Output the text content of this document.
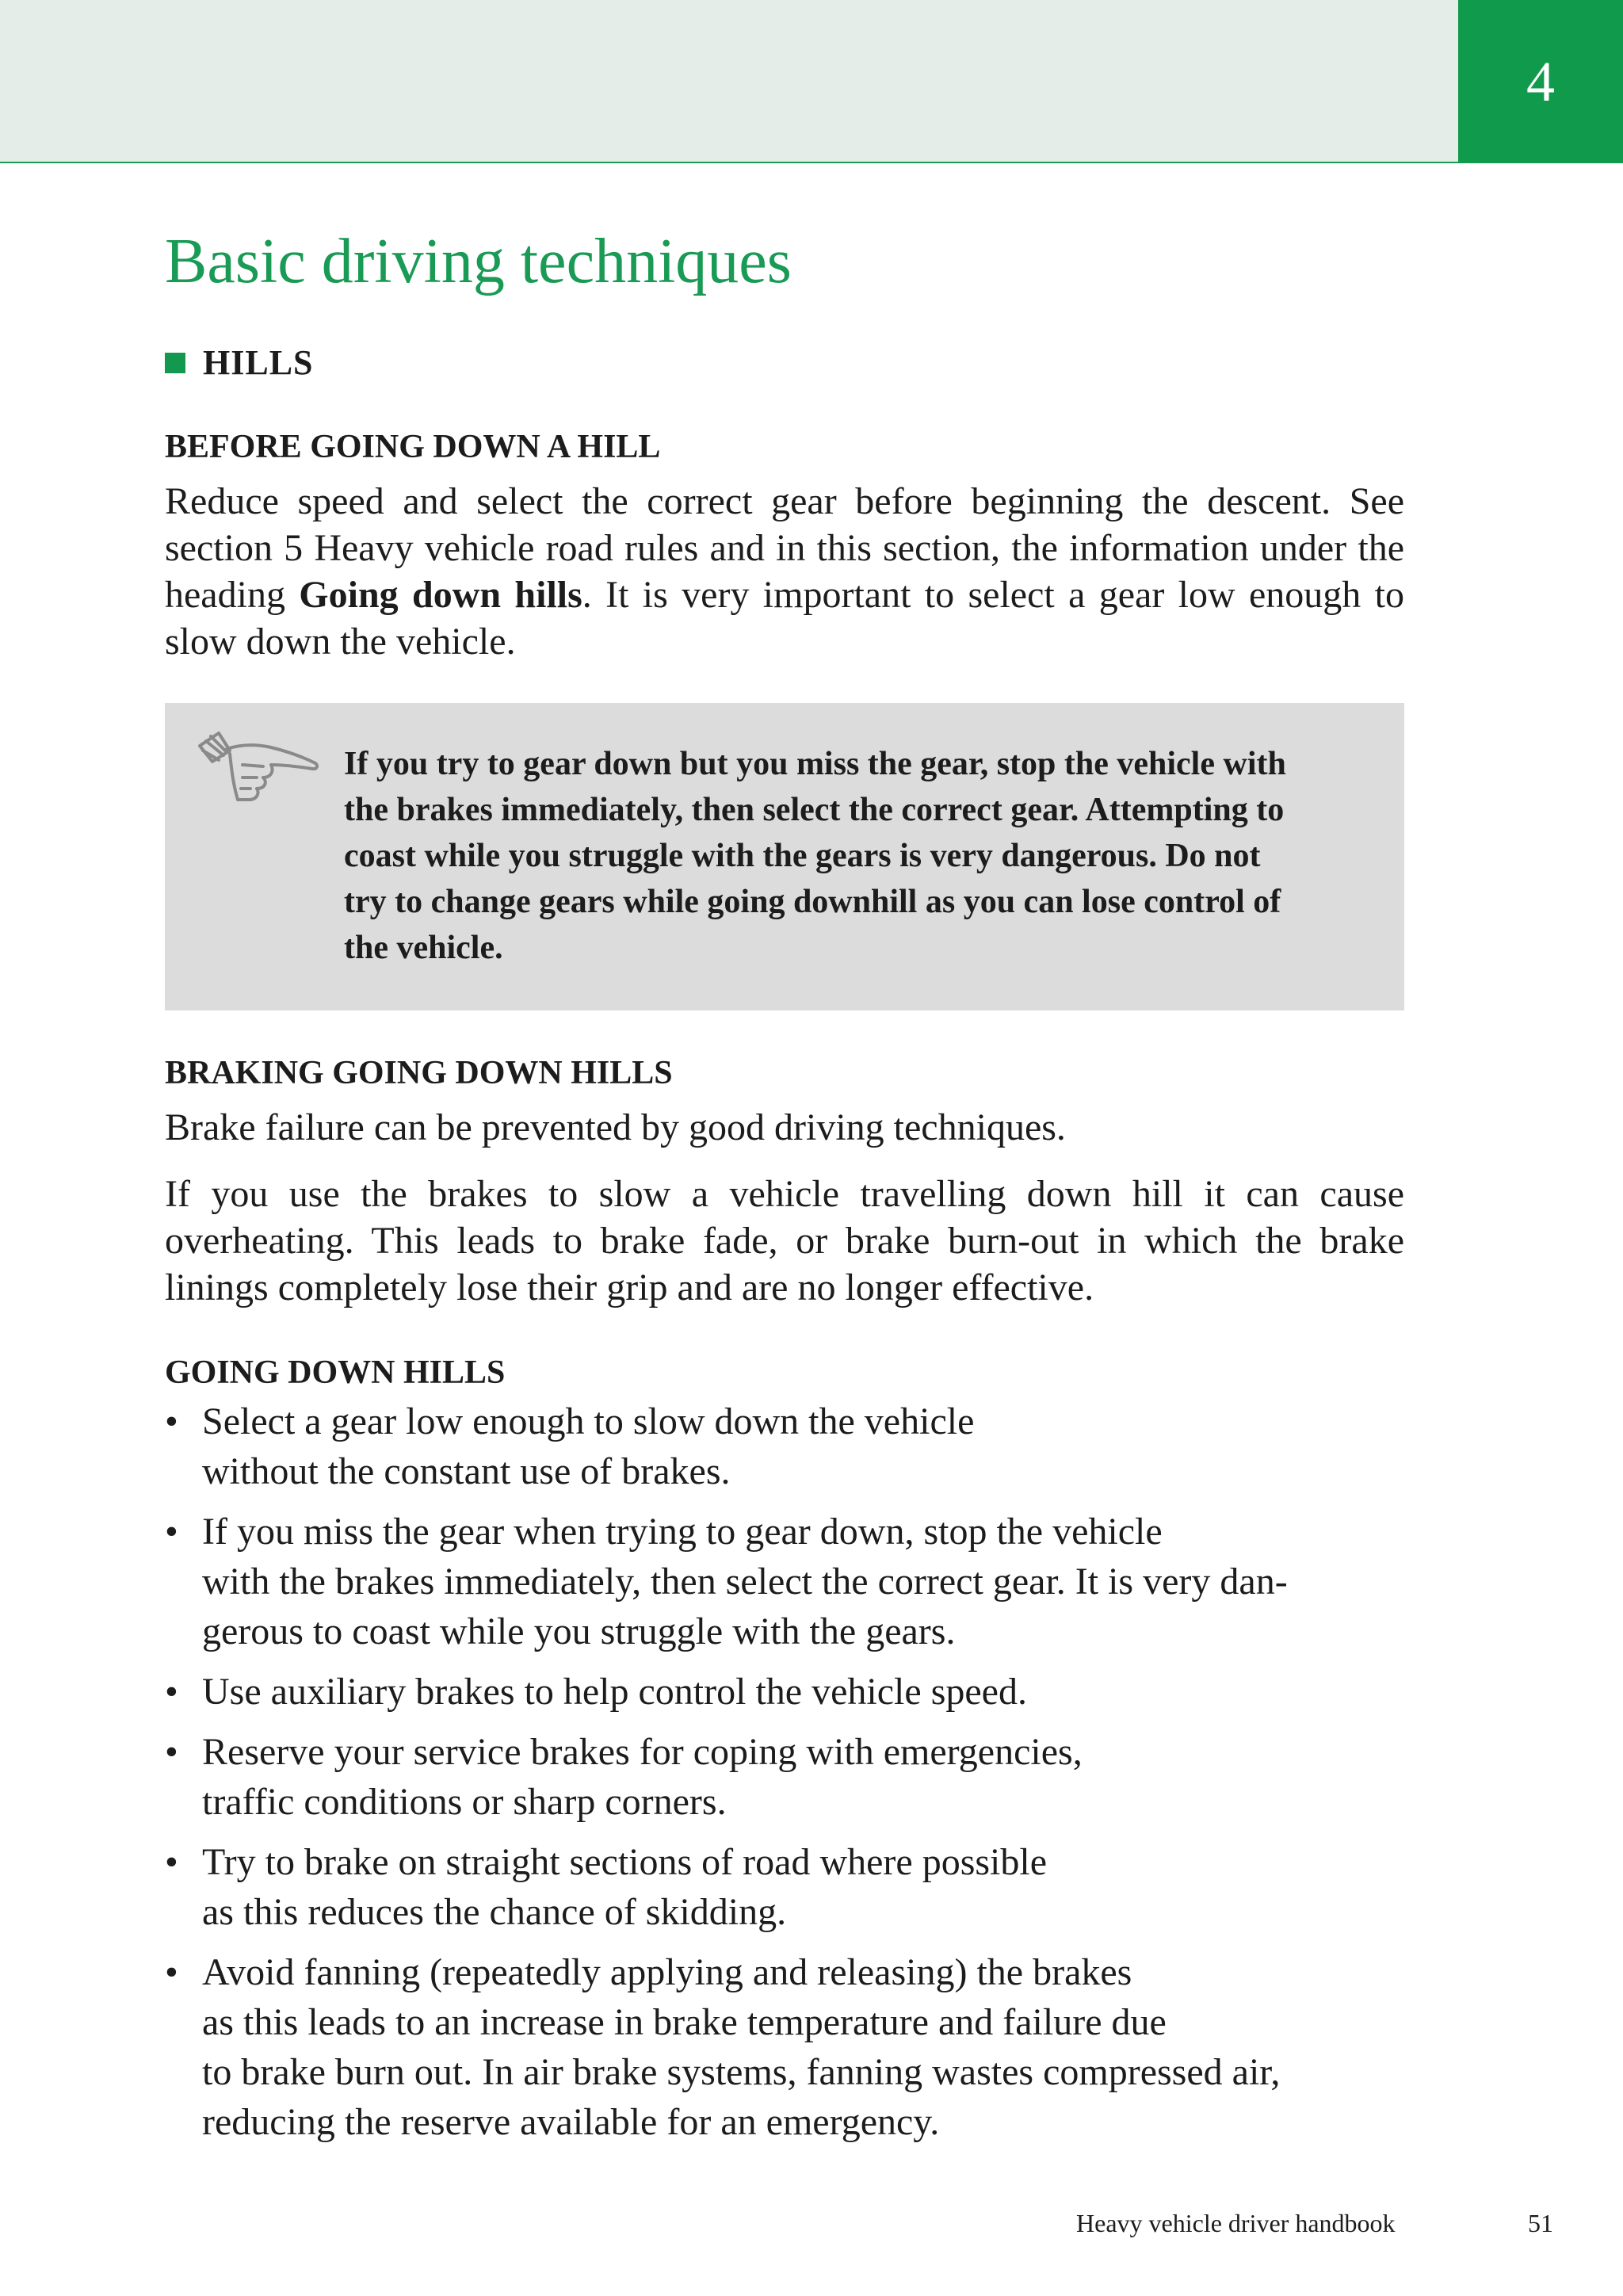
4
Basic driving techniques
HILLS
BEFORE GOING DOWN A HILL

Reduce speed and select the correct gear before beginning the descent. See section 5 Heavy vehicle road rules and in this section, the information under the heading Going down hills. It is very important to select a gear low enough to slow down the vehicle.

If you try to gear down but you miss the gear, stop the vehicle with the brakes immediately, then select the correct gear. Attempting to coast while you struggle with the gears is very dangerous. Do not try to change gears while going downhill as you can lose control of the vehicle.

BRAKING GOING DOWN HILLS

Brake failure can be prevented by good driving techniques.

If you use the brakes to slow a vehicle travelling down hill it can cause overheating. This leads to brake fade, or brake burn-out in which the brake linings completely lose their grip and are no longer effective.

GOING DOWN HILLS
• Select a gear low enough to slow down the vehicle
without the constant use of brakes.
• If you miss the gear when trying to gear down, stop the vehicle
with the brakes immediately, then select the correct gear. It is very dan-
gerous to coast while you struggle with the gears.
• Use auxiliary brakes to help control the vehicle speed.
• Reserve your service brakes for coping with emergencies,
traffic conditions or sharp corners.
• Try to brake on straight sections of road where possible
as this reduces the chance of skidding.
• Avoid fanning (repeatedly applying and releasing) the brakes
as this leads to an increase in brake temperature and failure due
to brake burn out. In air brake systems, fanning wastes compressed air,
reducing the reserve available for an emergency.
Heavy vehicle driver handbook	51
